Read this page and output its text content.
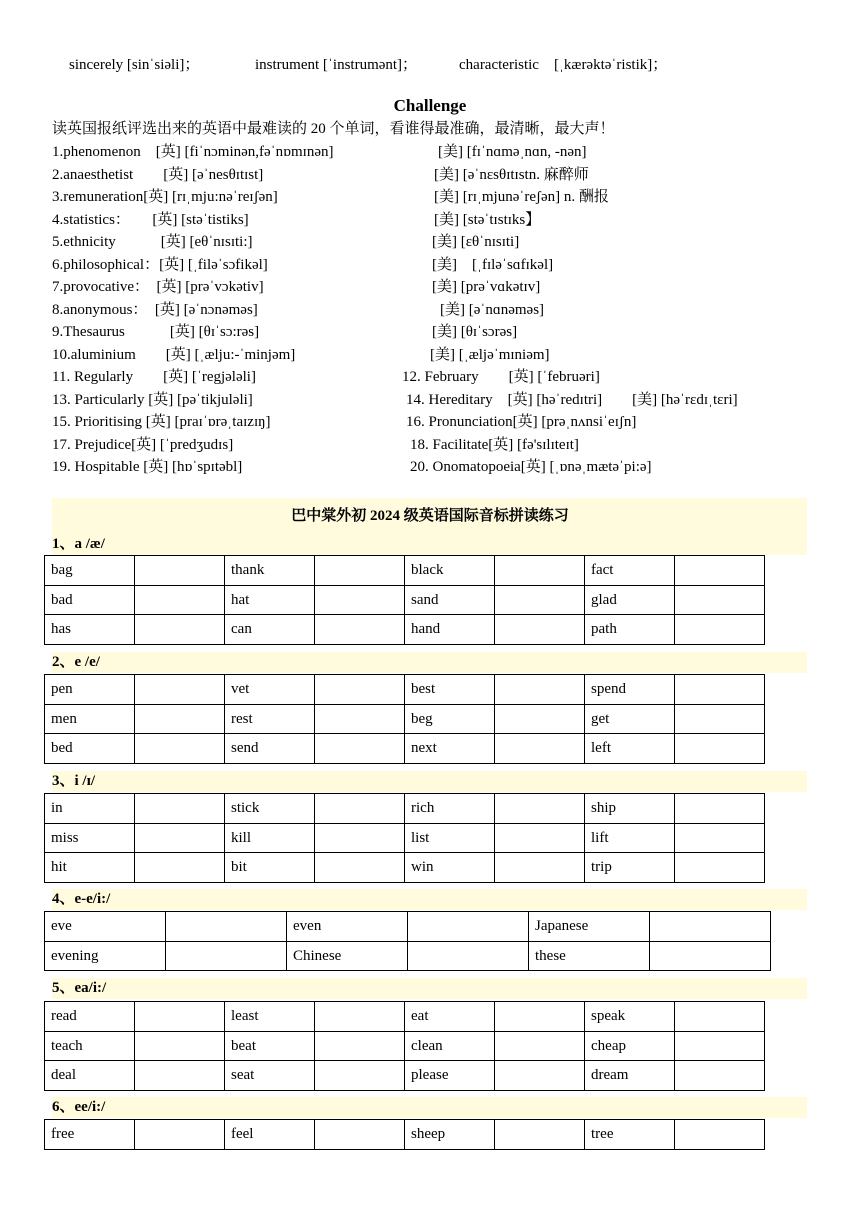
sincerely [sinˈsiəli]；	instrument [ˈinstrumənt]；	characteristic　[ˌkærəktəˈristik]；
Challenge
读英国报纸评选出来的英语中最难读的 20 个单词，看谁得最准确，最清晰，最大声！
1.phenomenon　[英] [fiˈnɔminən,fəˈnɒmɪnən]	[美] [fɪˈnɑməˌnɑn, -nən]
2.anaesthetist　　[英] [əˈnesθɪtɪst]	[美] [əˈnɛsθɪtɪstn. 麻醉师
3.remuneration[英] [rɪˌmju:nəˈreɪʃən]	[美] [rɪˌmjunəˈreʃən] n. 酬报
4.statistics：　　[英] [stəˈtistiks]	[美] [stəˈtɪstɪks】
5.ethnicity　　　[英] [eθˈnɪsɪti:]	[美] [ɛθˈnɪsɪti]
6.philosophical：[英] [ˌfiləˈsɔfikəl]	[美]　[ˌfɪləˈsɑfɪkəl]
7.provocative：　[英] [prəˈvɔkətiv]	[美] [prəˈvɑkətɪv]
8.anonymous：　[英] [əˈnɔnəməs]	[美] [əˈnɑnəməs]
9.Thesaurus　　　[英] [θɪˈsɔ:rəs]	[美] [θɪˈsɔrəs]
10.aluminium　　[英] [ˌælju:-ˈminjəm]	[美] [ˌæljəˈmɪniəm]
11. Regularly　　[英] [ˈregjələli]	12. February　　[英] [ˈfebruəri]
13. Particularly [英] [pəˈtikjuləli]	14. Hereditary　[英] [həˈredɪtri]　　[美] [həˈrɛdɪˌtɛri]
15. Prioritising [英] [praɪˈɒrəˌtaɪzɪŋ]	16. Pronunciation[英] [prəˌnʌnsiˈeɪʃn]
17. Prejudice[英] [ˈpredʒudɪs]	18. Facilitate[英] [fə'sɪlɪteɪt]
19. Hospitable [英] [hɒˈspɪtəbl]	20. Onomatopoeia[英] [ˌɒnəˌmætəˈpi:ə]
巴中棠外初 2024 级英语国际音标拼读练习
1、a /æ/
bag		thank		black		fact	
bad		hat		sand		glad	
has		can		hand		path	
2、e /e/
pen		vet		best		spend	
men		rest		beg		get	
bed		send		next		left	
3、i /ɪ/
in		stick		rich		ship	
miss		kill		list		lift	
hit		bit		win		trip	
4、e-e/i:/
eve		even		Japanese	
evening		Chinese		these	
5、ea/i:/
read		least		eat		speak	
teach		beat		clean		cheap	
deal		seat		please		dream	
6、ee/i:/
free		feel		sheep		tree	
